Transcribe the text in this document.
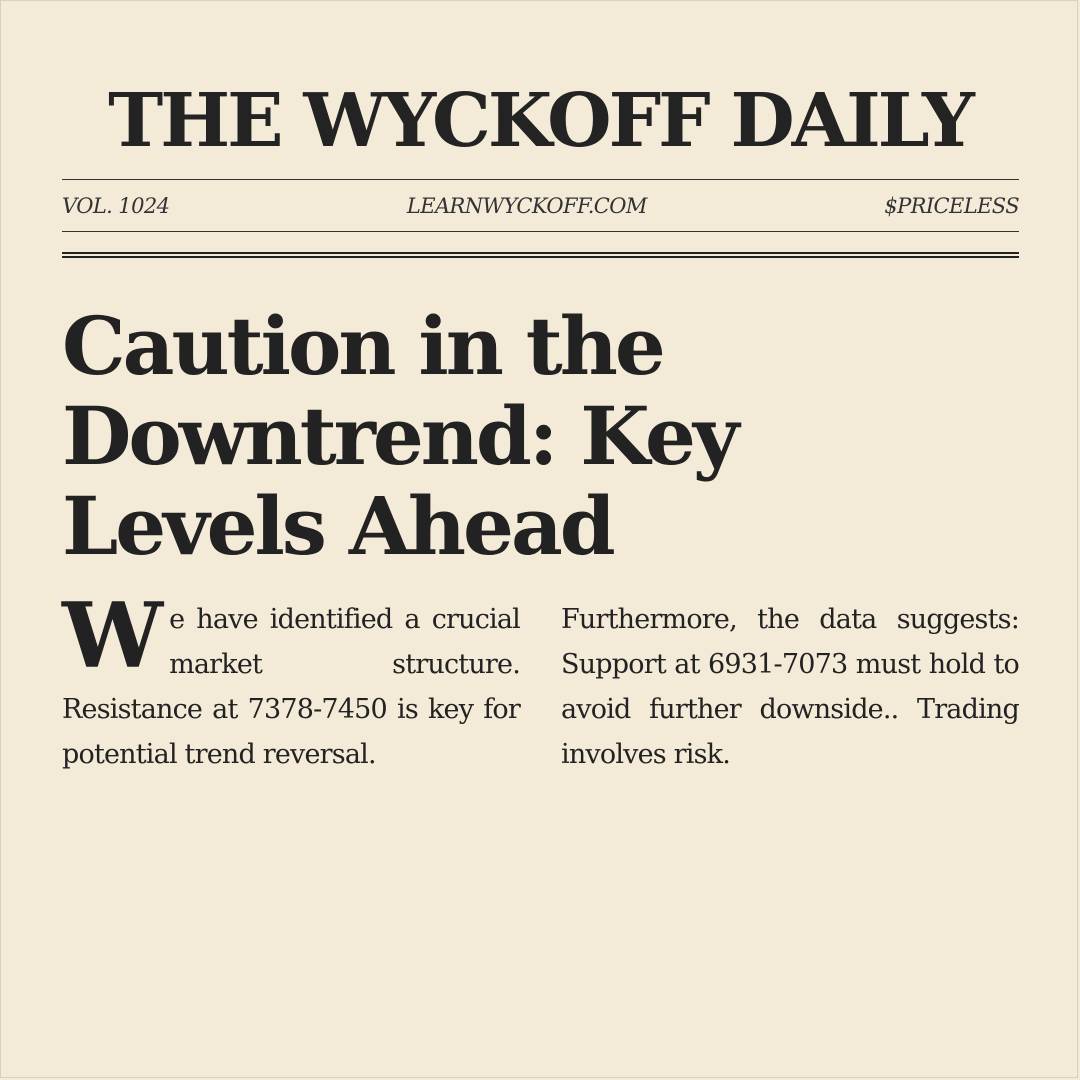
THE WYCKOFF DAILY
VOL. 1024	LEARNWYCKOFF.COM	$PRICELESS
Caution in the Downtrend: Key Levels Ahead

We have identified a crucial market structure. Resistance at 7378-7450 is key for potential trend reversal.

Furthermore, the data suggests: Support at 6931-7073 must hold to avoid further downside.. Trading involves risk.
